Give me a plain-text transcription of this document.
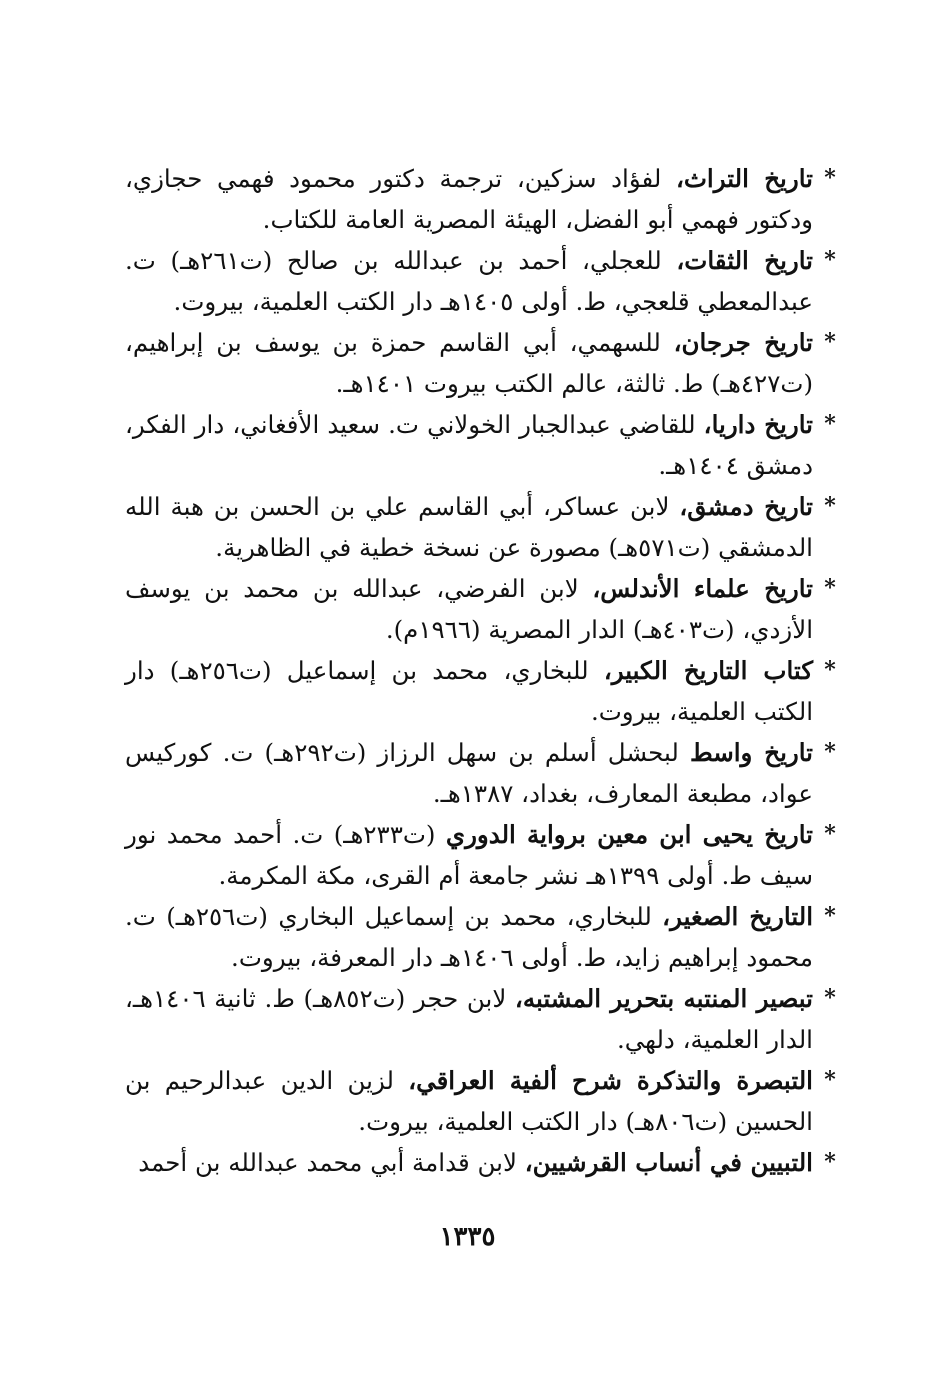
*
تاريخ التراث، لفؤاد سزكين، ترجمة دكتور محمود فهمي حجازي، ودكتور فهمي أبو الفضل، الهيئة المصرية العامة للكتاب.
*
تاريخ الثقات، للعجلي، أحمد بن عبدالله بن صالح (ت٢٦١هـ) ت. عبدالمعطي قلعجي، ط. أولى ١٤٠٥هـ دار الكتب العلمية، بيروت.
*
تاريخ جرجان، للسهمي، أبي القاسم حمزة بن يوسف بن إبراهيم، (ت٤٢٧هـ) ط. ثالثة، عالم الكتب بيروت ١٤٠١هـ.
*
تاريخ داريا، للقاضي عبدالجبار الخولاني ت. سعيد الأفغاني، دار الفكر، دمشق ١٤٠٤هـ.
*
تاريخ دمشق، لابن عساكر، أبي القاسم علي بن الحسن بن هبة الله الدمشقي (ت٥٧١هـ) مصورة عن نسخة خطية في الظاهرية.
*
تاريخ علماء الأندلس، لابن الفرضي، عبدالله بن محمد بن يوسف الأزدي، (ت٤٠٣هـ) الدار المصرية (١٩٦٦م).
*
كتاب التاريخ الكبير، للبخاري، محمد بن إسماعيل (ت٢٥٦هـ) دار الكتب العلمية، بيروت.
*
تاريخ واسط لبحشل أسلم بن سهل الرزاز (ت٢٩٢هـ) ت. كوركيس عواد، مطبعة المعارف، بغداد، ١٣٨٧هـ.
*
تاريخ يحيى ابن معين برواية الدوري (ت٢٣٣هـ) ت. أحمد محمد نور سيف ط. أولى ١٣٩٩هـ نشر جامعة أم القرى، مكة المكرمة.
*
التاريخ الصغير، للبخاري، محمد بن إسماعيل البخاري (ت٢٥٦هـ) ت. محمود إبراهيم زايد، ط. أولى ١٤٠٦هـ دار المعرفة، بيروت.
*
تبصير المنتبه بتحرير المشتبه، لابن حجر (ت٨٥٢هـ) ط. ثانية ١٤٠٦هـ، الدار العلمية، دلهي.
*
التبصرة والتذكرة شرح ألفية العراقي، لزين الدين عبدالرحيم بن الحسين (ت٨٠٦هـ) دار الكتب العلمية، بيروت.
*
التبيين في أنساب القرشيين، لابن قدامة أبي محمد عبدالله بن أحمد
١٣٣٥
